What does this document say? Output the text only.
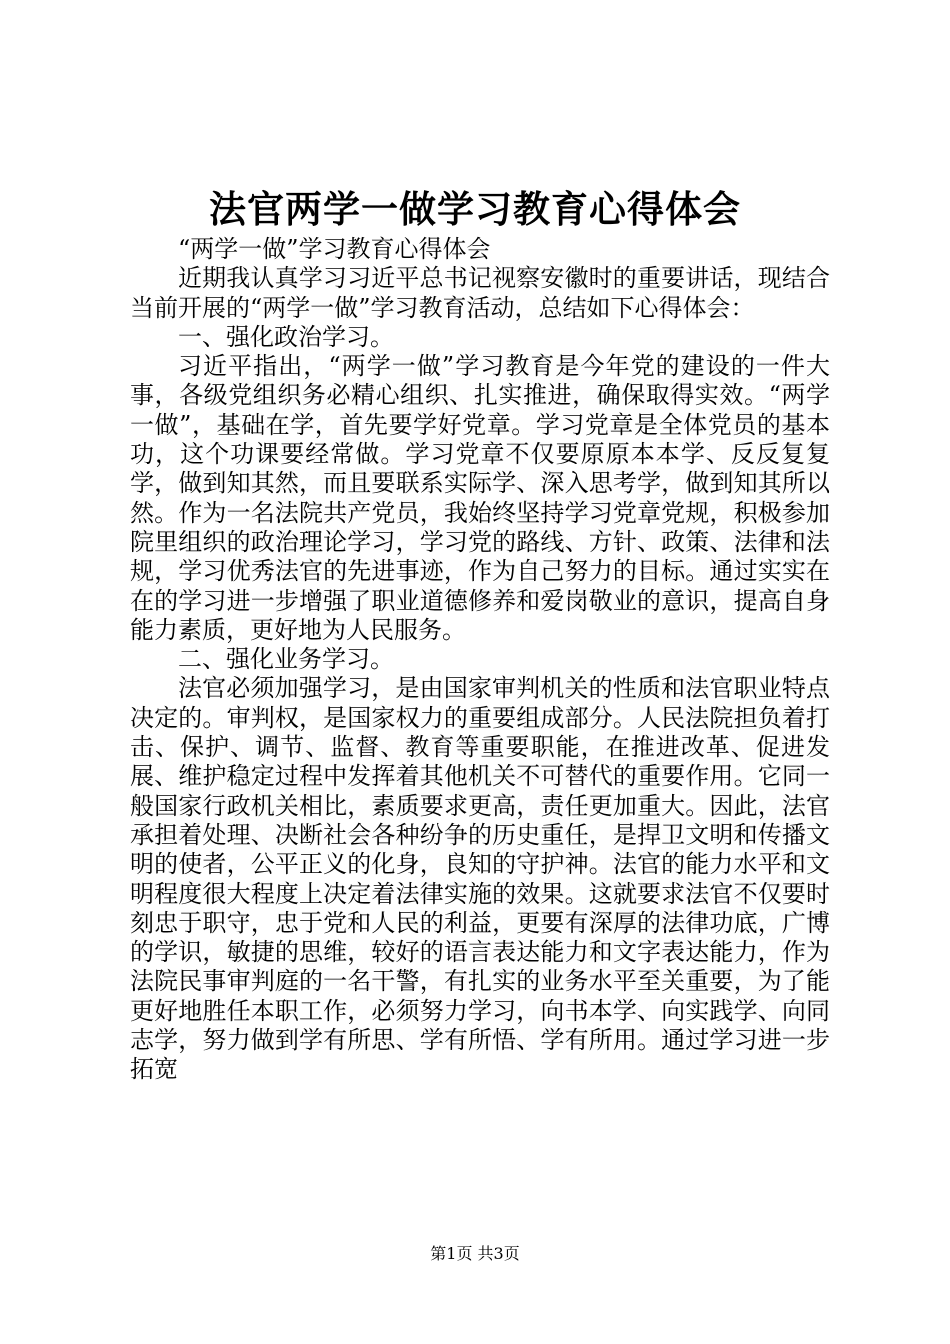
法官两学一做学习教育心得体会

“两学一做”学习教育心得体会

近期我认真学习习近平总书记视察安徽时的重要讲话，现结合当前开展的“两学一做”学习教育活动，总结如下心得体会：

一、强化政治学习。

习近平指出，“两学一做”学习教育是今年党的建设的一件大事，各级党组织务必精心组织、扎实推进，确保取得实效。“两学一做”，基础在学，首先要学好党章。学习党章是全体党员的基本功，这个功课要经常做。学习党章不仅要原原本本学、反反复复学，做到知其然，而且要联系实际学、深入思考学，做到知其所以然。作为一名法院共产党员，我始终坚持学习党章党规，积极参加院里组织的政治理论学习，学习党的路线、方针、政策、法律和法规，学习优秀法官的先进事迹，作为自己努力的目标。通过实实在在的学习进一步增强了职业道德修养和爱岗敬业的意识，提高自身能力素质，更好地为人民服务。

二、强化业务学习。

法官必须加强学习，是由国家审判机关的性质和法官职业特点决定的。审判权，是国家权力的重要组成部分。人民法院担负着打击、保护、调节、监督、教育等重要职能，在推进改革、促进发展、维护稳定过程中发挥着其他机关不可替代的重要作用。它同一般国家行政机关相比，素质要求更高，责任更加重大。因此，法官承担着处理、决断社会各种纷争的历史重任，是捍卫文明和传播文明的使者，公平正义的化身，良知的守护神。法官的能力水平和文明程度很大程度上决定着法律实施的效果。这就要求法官不仅要时刻忠于职守，忠于党和人民的利益，更要有深厚的法律功底，广博的学识，敏捷的思维，较好的语言表达能力和文字表达能力，作为法院民事审判庭的一名干警，有扎实的业务水平至关重要，为了能更好地胜任本职工作，必须努力学习，向书本学、向实践学、向同志学，努力做到学有所思、学有所悟、学有所用。通过学习进一步拓宽

第1页 共3页
